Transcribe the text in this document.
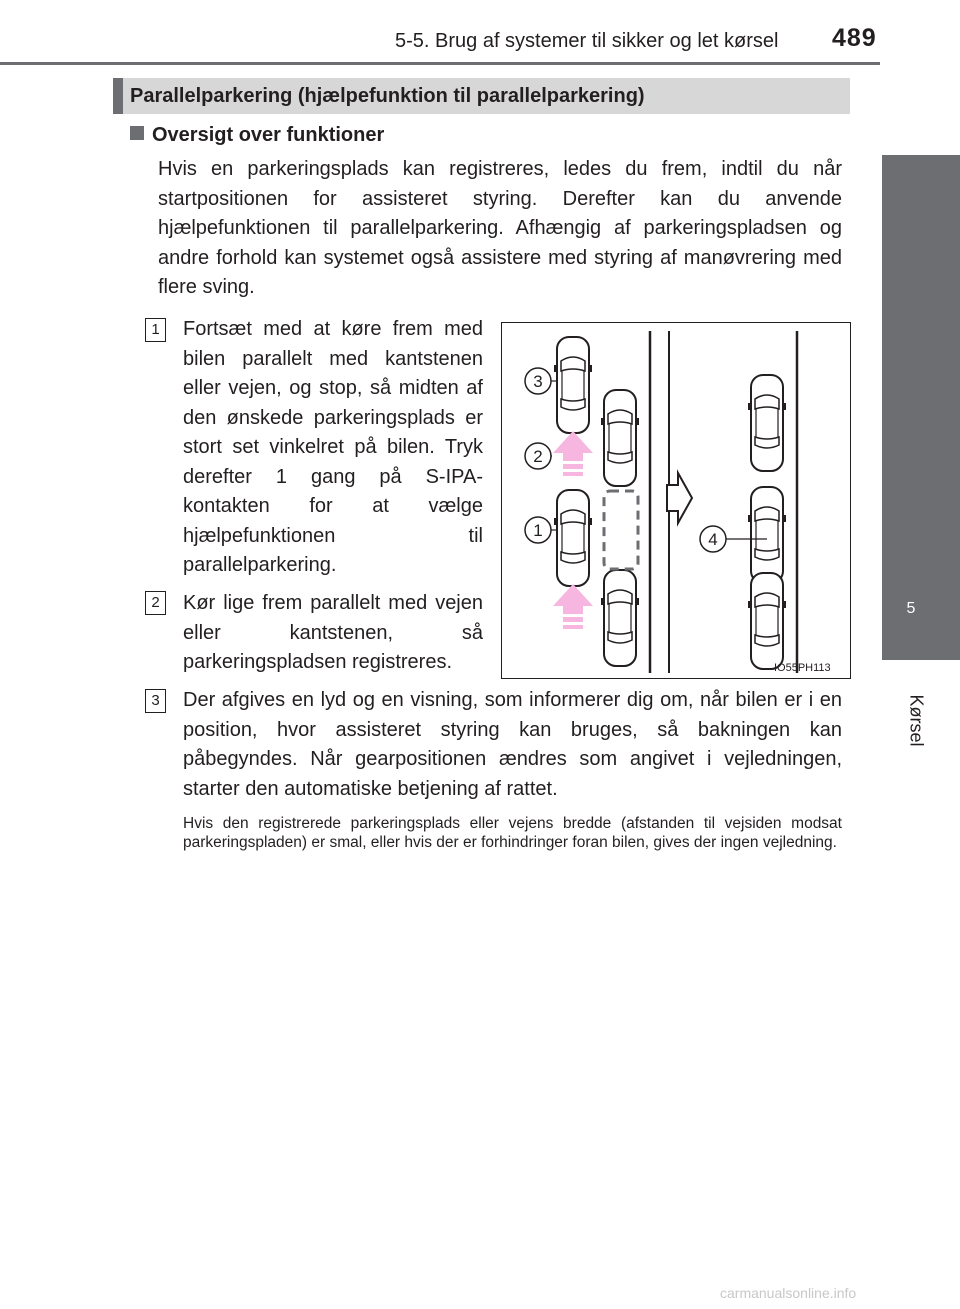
5-5. Brug af systemer til sikker og let kørsel 489
5
Kørsel
Parallelparkering (hjælpefunktion til parallelparkering)
Oversigt over funktioner
Hvis en parkeringsplads kan registreres, ledes du frem, indtil du når startpositionen for assisteret styring. Derefter kan du anvende hjælpefunktionen til parallelparkering. Afhængig af parkeringspladsen og andre forhold kan systemet også assistere med styring af manøvrering med flere sving.
1	Fortsæt med at køre frem med bilen parallelt med kantstenen eller vejen, og stop, så midten af den ønskede parkeringsplads er stort set vinkelret på bilen. Tryk derefter 1 gang på S-IPA-kontakten for at vælge hjælpefunktionen til parallelparkering.
2	Kør lige frem parallelt med vejen eller kantstenen, så parkeringspladsen registreres.
3	Der afgives en lyd og en visning, som informerer dig om, når bilen er i en position, hvor assisteret styring kan bruges, så bakningen kan påbegyndes. Når gearpositionen ændres som angivet i vejledningen, starter den automatiske betjening af rattet.
Hvis den registrerede parkeringsplads eller vejens bredde (afstanden til vejsiden modsat parkeringspladen) er smal, eller hvis der er forhindringer foran bilen, gives der ingen vejledning.
3
2
1	4
IO55PH113
carmanualsonline.info
